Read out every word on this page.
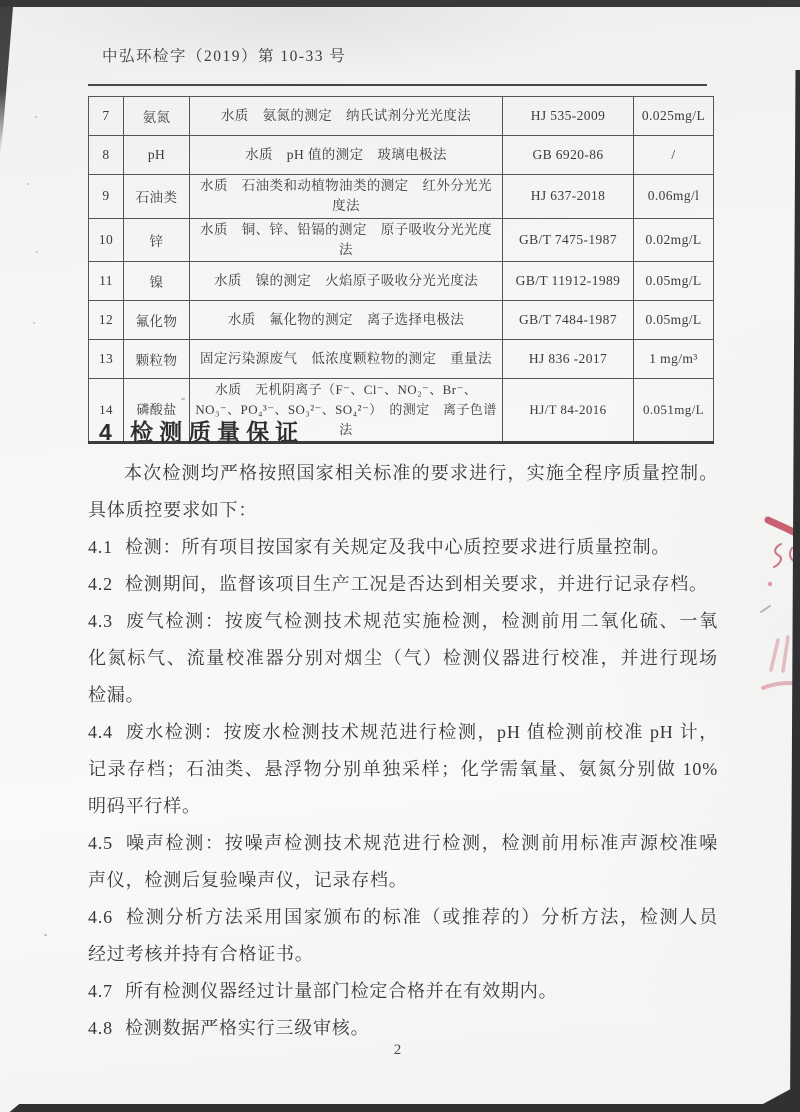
中弘环检字（2019）第 10-33 号
7	氨氮	水质　氨氮的测定　纳氏试剂分光光度法	HJ 535-2009	0.025mg/L
8	pH	水质　pH 值的测定　玻璃电极法	GB 6920-86	/
9	石油类	水质　石油类和动植物油类的测定　红外分光光度法	HJ 637-2018	0.06mg/l
10	锌	水质　铜、锌、铅镉的测定　原子吸收分光光度法	GB/T 7475-1987	0.02mg/L
11	镍	水质　镍的测定　火焰原子吸收分光光度法	GB/T 11912-1989	0.05mg/L
12	氟化物	水质　氟化物的测定　离子选择电极法	GB/T 7484-1987	0.05mg/L
13	颗粒物	固定污染源废气　低浓度颗粒物的测定　重量法	HJ 836 -2017	1 mg/m³
14	磷酸盐	水质　无机阴离子（F⁻、Cl⁻、NO₂⁻、Br⁻、NO₃⁻、PO₄³⁻、SO₃²⁻、SO₄²⁻）　的测定　离子色谱法	HJ/T 84-2016	0.051mg/L
4 检测质量保证
本次检测均严格按照国家相关标准的要求进行，实施全程序质量控制。
具体质控要求如下：
4.1 检测：所有项目按国家有关规定及我中心质控要求进行质量控制。
4.2 检测期间，监督该项目生产工况是否达到相关要求，并进行记录存档。
4.3 废气检测：按废气检测技术规范实施检测，检测前用二氧化硫、一氧
化氮标气、流量校准器分别对烟尘（气）检测仪器进行校准，并进行现场
检漏。
4.4 废水检测：按废水检测技术规范进行检测，pH 值检测前校准 pH 计，
记录存档；石油类、悬浮物分别单独采样；化学需氧量、氨氮分别做 10%
明码平行样。
4.5 噪声检测：按噪声检测技术规范进行检测，检测前用标准声源校准噪
声仪，检测后复验噪声仪，记录存档。
4.6 检测分析方法采用国家颁布的标准（或推荐的）分析方法，检测人员
经过考核并持有合格证书。
4.7 所有检测仪器经过计量部门检定合格并在有效期内。
4.8 检测数据严格实行三级审核。
2
